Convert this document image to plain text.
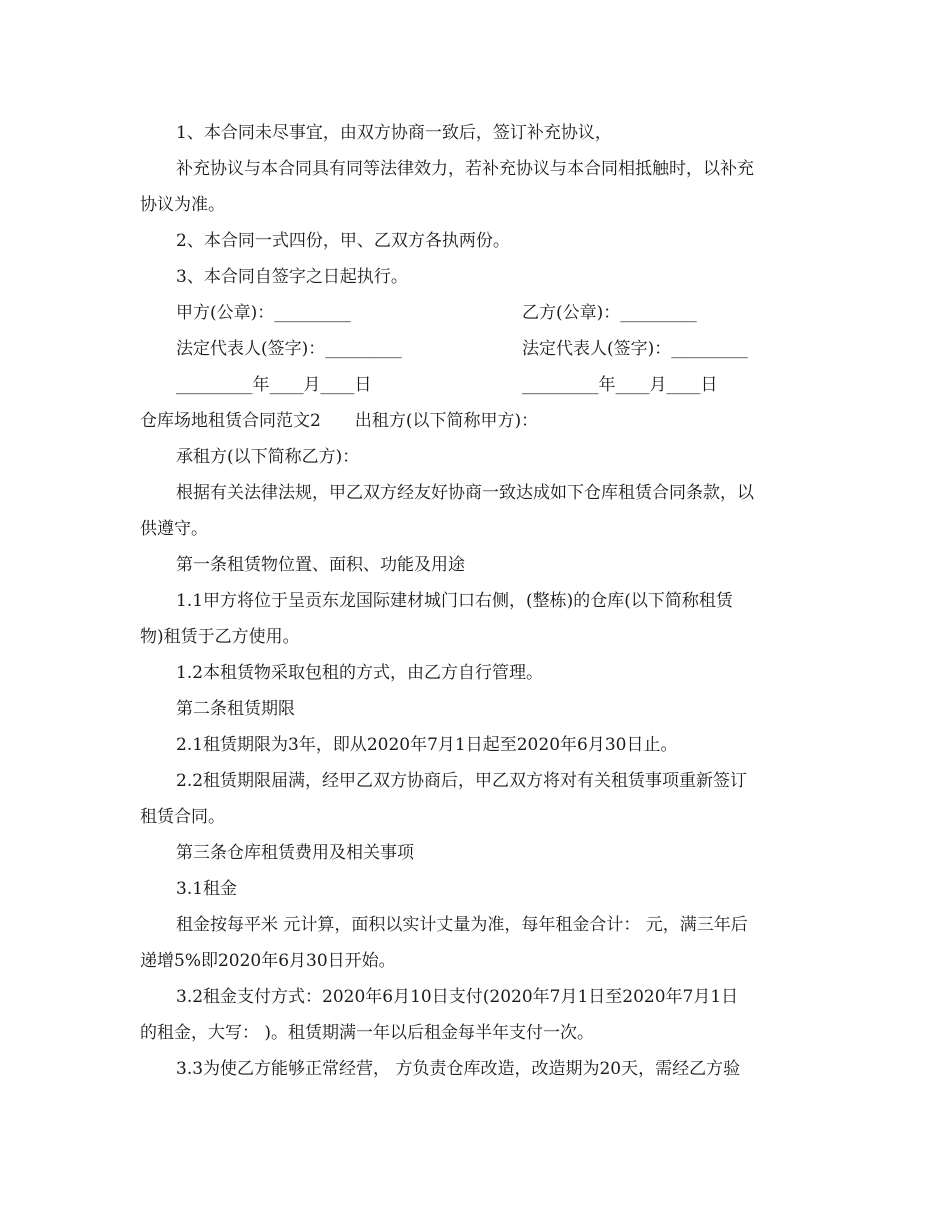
1、本合同未尽事宜，由双方协商一致后，签订补充协议，
补充协议与本合同具有同等法律效力，若补充协议与本合同相抵触时，以补充
协议为准。
2、本合同一式四份，甲、乙双方各执两份。
3、本合同自签字之日起执行。
甲方(公章)：_________	乙方(公章)：_________
法定代表人(签字)：_________	法定代表人(签字)：_________
_________年____月____日	_________年____月____日
仓库场地租赁合同范文2　　出租方(以下简称甲方)：
承租方(以下简称乙方)：
根据有关法律法规，甲乙双方经友好协商一致达成如下仓库租赁合同条款，以
供遵守。
第一条租赁物位置、面积、功能及用途
1.1甲方将位于呈贡东龙国际建材城门口右侧，(整栋)的仓库(以下简称租赁
物)租赁于乙方使用。
1.2本租赁物采取包租的方式，由乙方自行管理。
第二条租赁期限
2.1租赁期限为3年，即从2020年7月1日起至2020年6月30日止。
2.2租赁期限届满，经甲乙双方协商后，甲乙双方将对有关租赁事项重新签订
租赁合同。
第三条仓库租赁费用及相关事项
3.1租金
租金按每平米 元计算，面积以实计丈量为准，每年租金合计： 元，满三年后
递增5%即2020年6月30日开始。
3.2租金支付方式：2020年6月10日支付(2020年7月1日至2020年7月1日
的租金，大写： )。租赁期满一年以后租金每半年支付一次。
3.3为使乙方能够正常经营， 方负责仓库改造，改造期为20天，需经乙方验
